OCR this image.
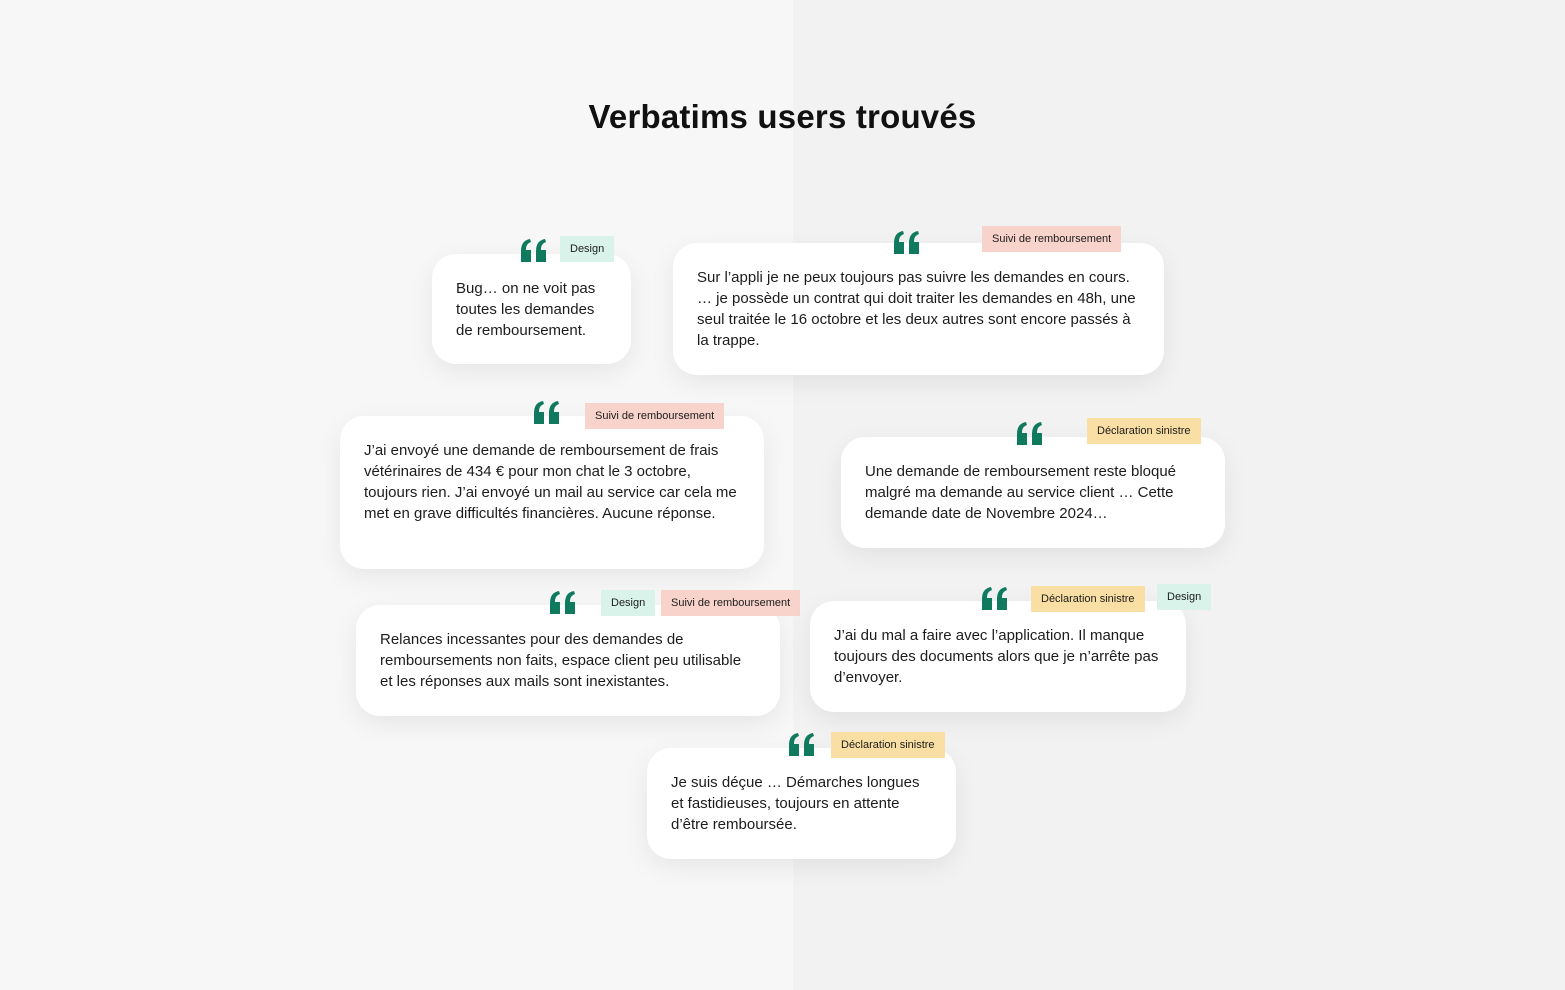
Verbatims users trouvés
Bug… on ne voit pas toutes les demandes de remboursement.
Design
Sur l’appli je ne peux toujours pas suivre les demandes en cours. … je possède un contrat qui doit traiter les demandes en 48h, une seul traitée le 16 octobre et les deux autres sont encore passés à la trappe.
Suivi de remboursement
J’ai envoyé une demande de remboursement de frais vétérinaires de 434 € pour mon chat le 3 octobre, toujours rien. J’ai envoyé un mail au service car cela me met en grave difficultés financières. Aucune réponse.
Suivi de remboursement
Une demande de remboursement reste bloqué malgré ma demande au service client … Cette demande date de Novembre 2024…
Déclaration sinistre
Relances incessantes pour des demandes de remboursements non faits, espace client peu utilisable et les réponses aux mails sont inexistantes.
Design	Suivi de remboursement
J’ai du mal a faire avec l’application. Il manque toujours des documents alors que je n’arrête pas d’envoyer.
Déclaration sinistre	Design
Je suis déçue … Démarches longues et fastidieuses, toujours en attente d’être remboursée.
Déclaration sinistre
